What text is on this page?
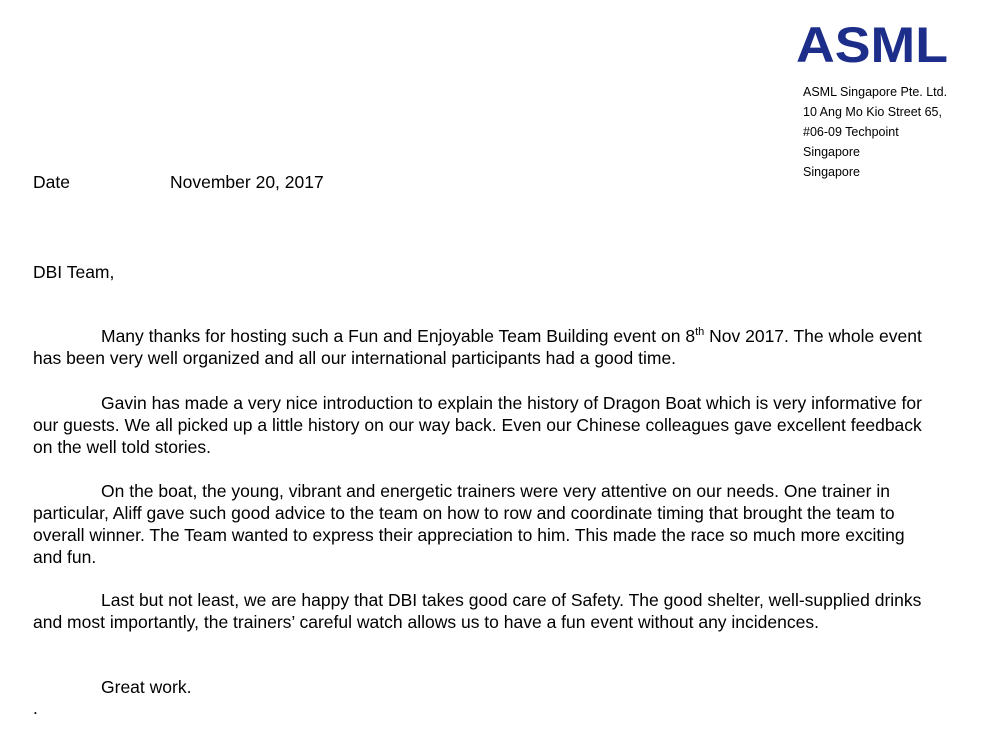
ASML
ASML Singapore Pte. Ltd.
10 Ang Mo Kio Street 65,
#06-09 Techpoint
Singapore
Singapore
Date	November 20, 2017
DBI Team,

Many thanks for hosting such a Fun and Enjoyable Team Building event on 8th Nov 2017. The whole event has been very well organized and all our international participants had a good time.

Gavin has made a very nice introduction to explain the history of Dragon Boat which is very informative for our guests. We all picked up a little history on our way back. Even our Chinese colleagues gave excellent feedback on the well told stories.

On the boat, the young, vibrant and energetic trainers were very attentive on our needs. One trainer in particular, Aliff gave such good advice to the team on how to row and coordinate timing that brought the team to overall winner. The Team wanted to express their appreciation to him. This made the race so much more exciting and fun.

Last but not least, we are happy that DBI takes good care of Safety. The good shelter, well-supplied drinks and most importantly, the trainers’ careful watch allows us to have a fun event without any incidences.

Great work.

.
